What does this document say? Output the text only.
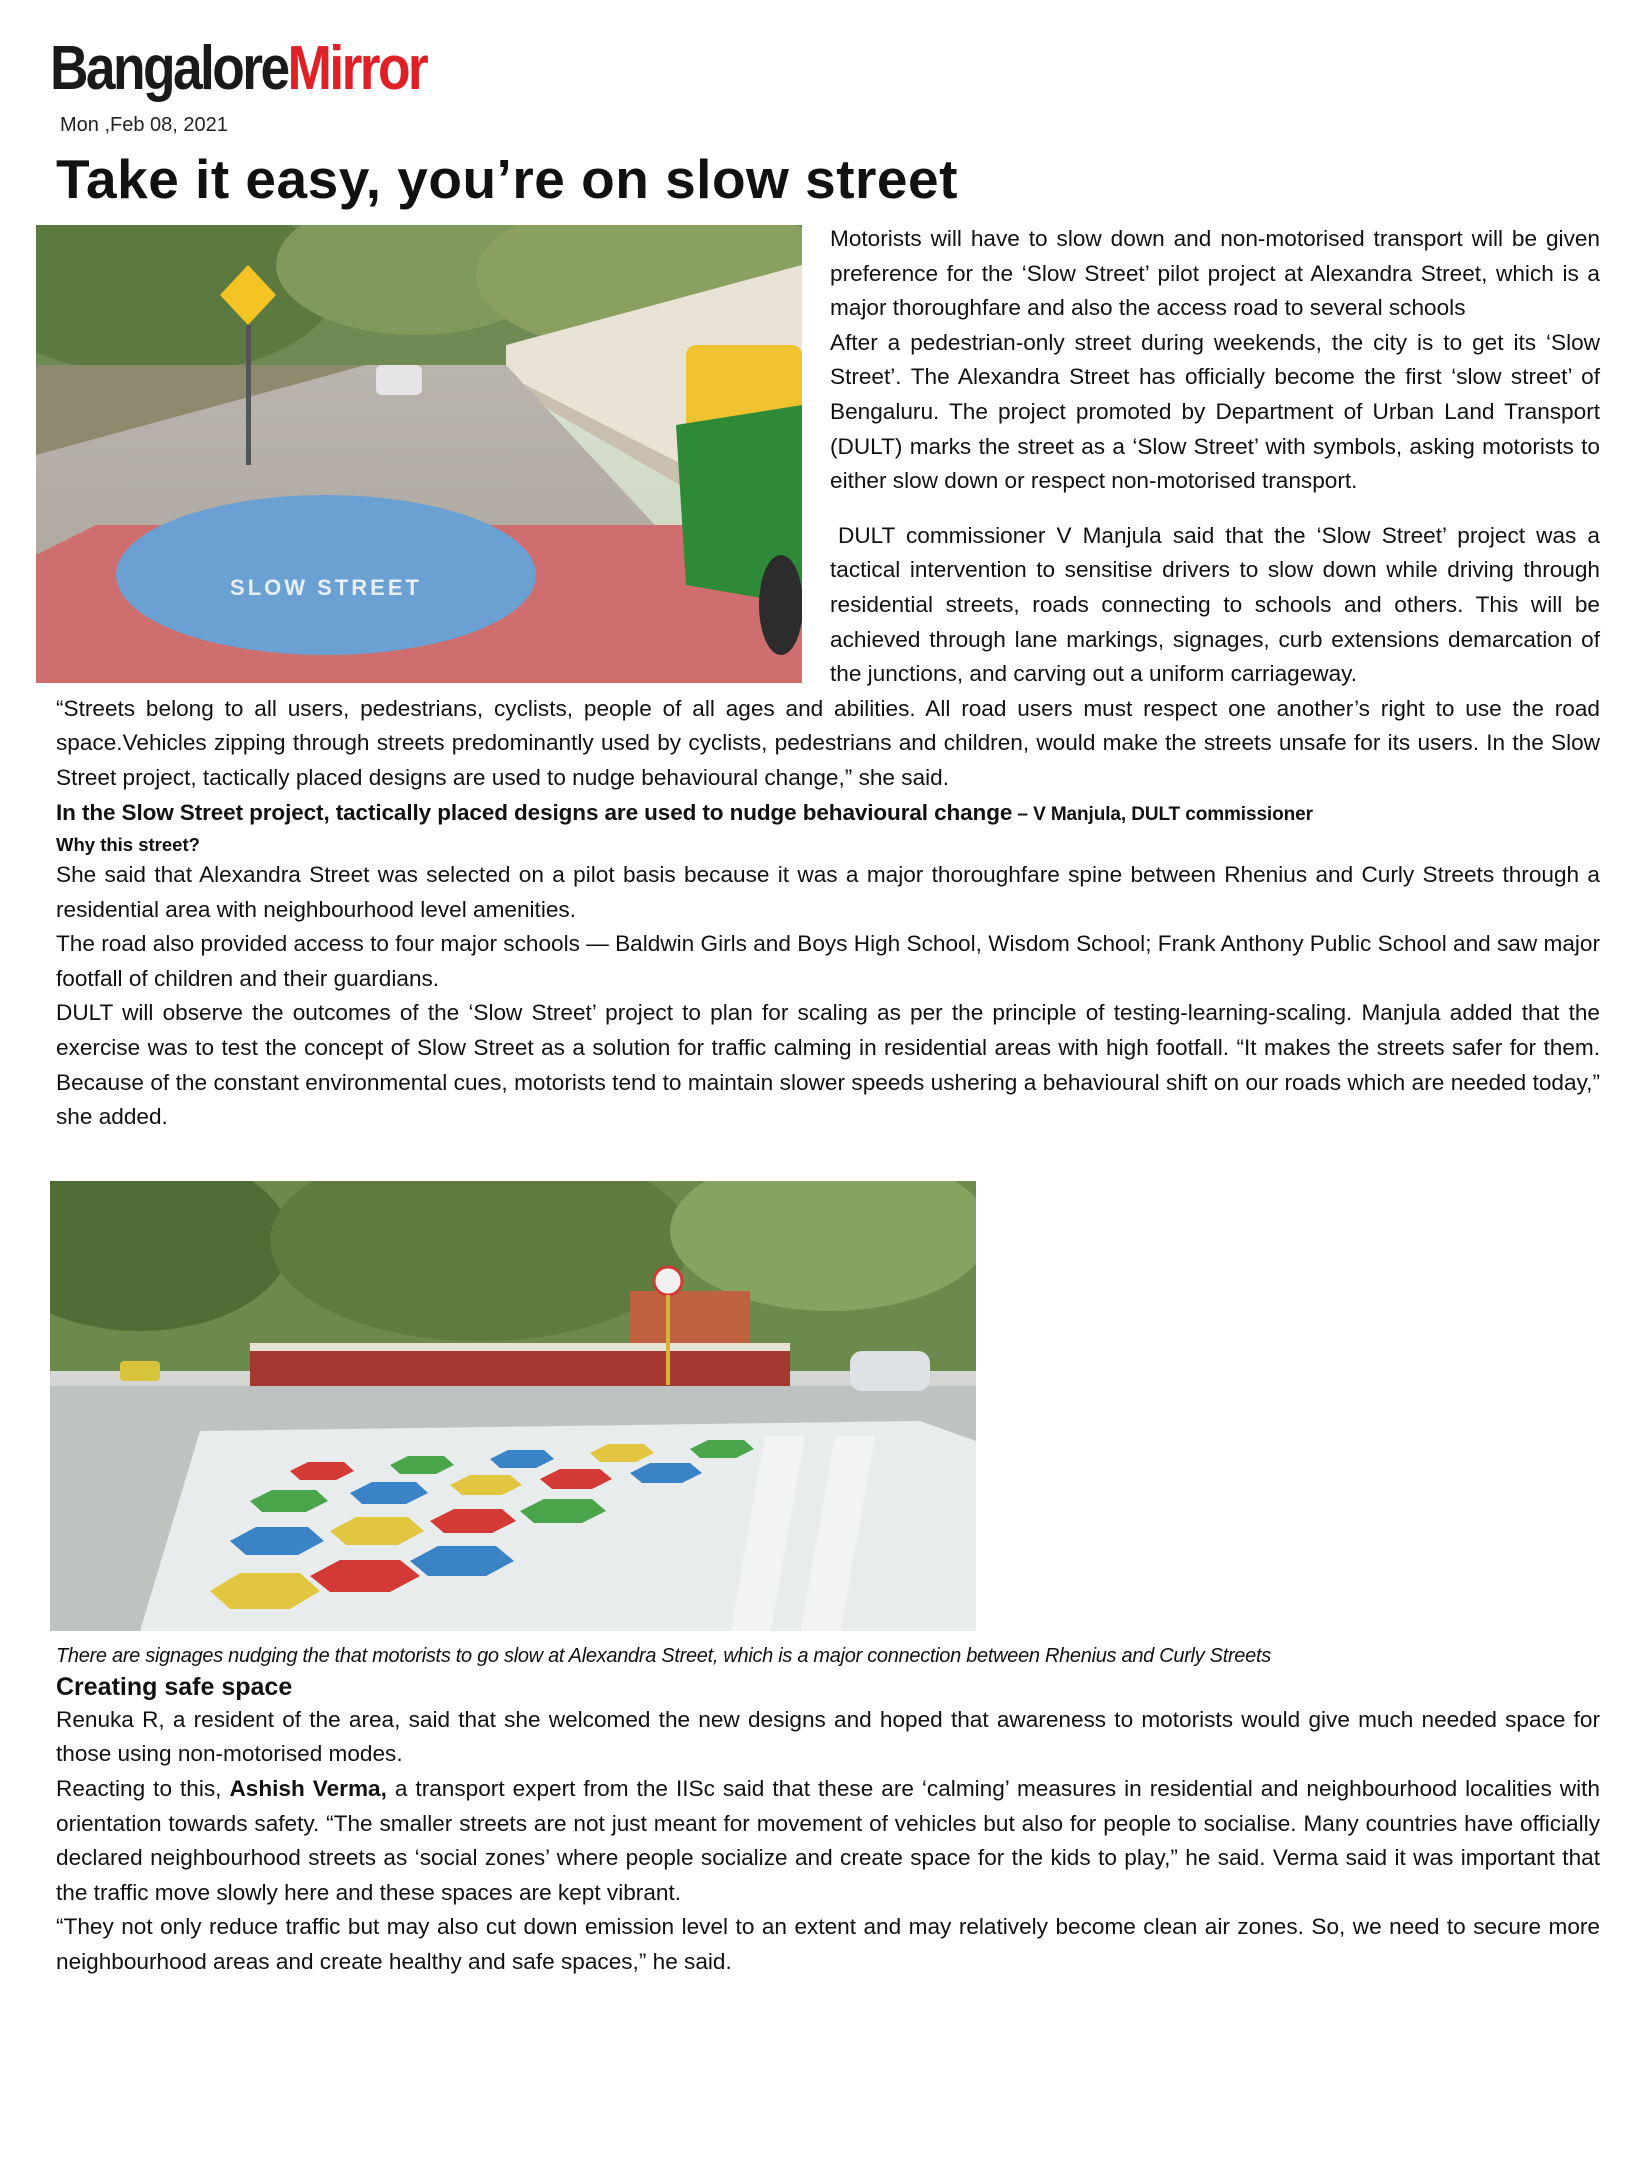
BangaloreMirror
Mon ,Feb 08, 2021
Take it easy, you’re on slow street
SLOW STREET

Motorists will have to slow down and non-motorised transport will be given preference for the ‘Slow Street’ pilot project at Alexandra Street, which is a major thoroughfare and also the access road to several schools

After a pedestrian-only street during weekends, the city is to get its ‘Slow Street’. The Alexandra Street has officially become the first ‘slow street’ of Bengaluru. The project promoted by Department of Urban Land Transport (DULT) marks the street as a ‘Slow Street’ with symbols, asking motorists to either slow down or respect non-motorised transport.

DULT commissioner V Manjula said that the ‘Slow Street’ project was a tactical intervention to sensitise drivers to slow down while driving through residential streets, roads connecting to schools and others. This will be achieved through lane markings, signages, curb extensions demarcation of the junctions, and carving out a uniform carriageway.

“Streets belong to all users, pedestrians, cyclists, people of all ages and abilities. All road users must respect one another’s right to use the road space.Vehicles zipping through streets predominantly used by cyclists, pedestrians and children, would make the streets unsafe for its users. In the Slow Street project, tactically placed designs are used to nudge behavioural change,” she said.

In the Slow Street project, tactically placed designs are used to nudge behavioural change – V Manjula, DULT commissioner

Why this street?

She said that Alexandra Street was selected on a pilot basis because it was a major thoroughfare spine between Rhenius and Curly Streets through a residential area with neighbourhood level amenities.

The road also provided access to four major schools — Baldwin Girls and Boys High School, Wisdom School; Frank Anthony Public School and saw major footfall of children and their guardians.

DULT will observe the outcomes of the ‘Slow Street’ project to plan for scaling as per the principle of testing-learning-scaling. Manjula added that the exercise was to test the concept of Slow Street as a solution for traffic calming in residential areas with high footfall. “It makes the streets safer for them. Because of the constant environmental cues, motorists tend to maintain slower speeds ushering a behavioural shift on our roads which are needed today,” she added.

There are signages nudging the that motorists to go slow at Alexandra Street, which is a major connection between Rhenius and Curly Streets

Creating safe space

Renuka R, a resident of the area, said that she welcomed the new designs and hoped that awareness to motorists would give much needed space for those using non-motorised modes.

Reacting to this, Ashish Verma, a transport expert from the IISc said that these are ‘calming’ measures in residential and neighbourhood localities with orientation towards safety. “The smaller streets are not just meant for movement of vehicles but also for people to socialise. Many countries have officially declared neighbourhood streets as ‘social zones’ where people socialize and create space for the kids to play,” he said. Verma said it was important that the traffic move slowly here and these spaces are kept vibrant.

“They not only reduce traffic but may also cut down emission level to an extent and may relatively become clean air zones. So, we need to secure more neighbourhood areas and create healthy and safe spaces,” he said.
